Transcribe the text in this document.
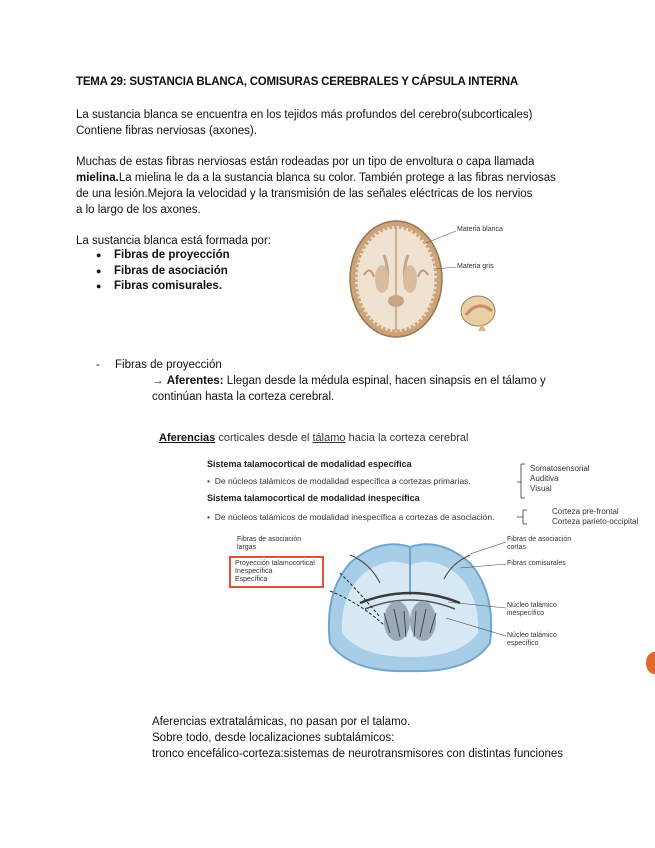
TEMA 29: SUSTANCIA BLANCA, COMISURAS CEREBRALES Y CÁPSULA INTERNA
La sustancia blanca se encuentra en los tejidos más profundos del cerebro(subcorticales)
Contiene fibras nerviosas (axones).
Muchas de estas fibras nerviosas están rodeadas por un tipo de envoltura o capa llamada
mielina.La mielina le da a la sustancia blanca su color. También protege a las fibras nerviosas
de una lesión.Mejora la velocidad y la transmisión de las señales eléctricas de los nervios
a lo largo de los axones.
La sustancia blanca está formada por:
● Fibras de proyección
● Fibras de asociación
● Fibras comisurales.
Materia blanca
Materia gris
- Fibras de proyección
→ Aferentes: Llegan desde la médula espinal, hacen sinapsis en el tálamo y continúan hasta la corteza cerebral.
Aferencias corticales desde el tálamo hacia la corteza cerebral
Sistema talamocortical de modalidad específica
• De núcleos talámicos de modalidad específica a cortezas primarias.
Sistema talamocortical de modalidad inespecífica
• De núcleos talámicos de modalidad inespecífica a cortezas de asociación.
Somatosensorial
Auditiva
Visual
Corteza pre-frontal
Corteza parieto-occipital
Fibras de asociación
largas
Proyección talamocortical
Inespecífica
Específica
Fibras de asociación
cortas
Fibras comisurales
Núcleo talámico
inespecífico
Núcleo talámico
específico
Aferencias extratalámicas, no pasan por el talamo.
Sobre todo, desde localizaciones subtalámicos:
tronco encefálico-corteza:sistemas de neurotransmisores con distintas funciones
